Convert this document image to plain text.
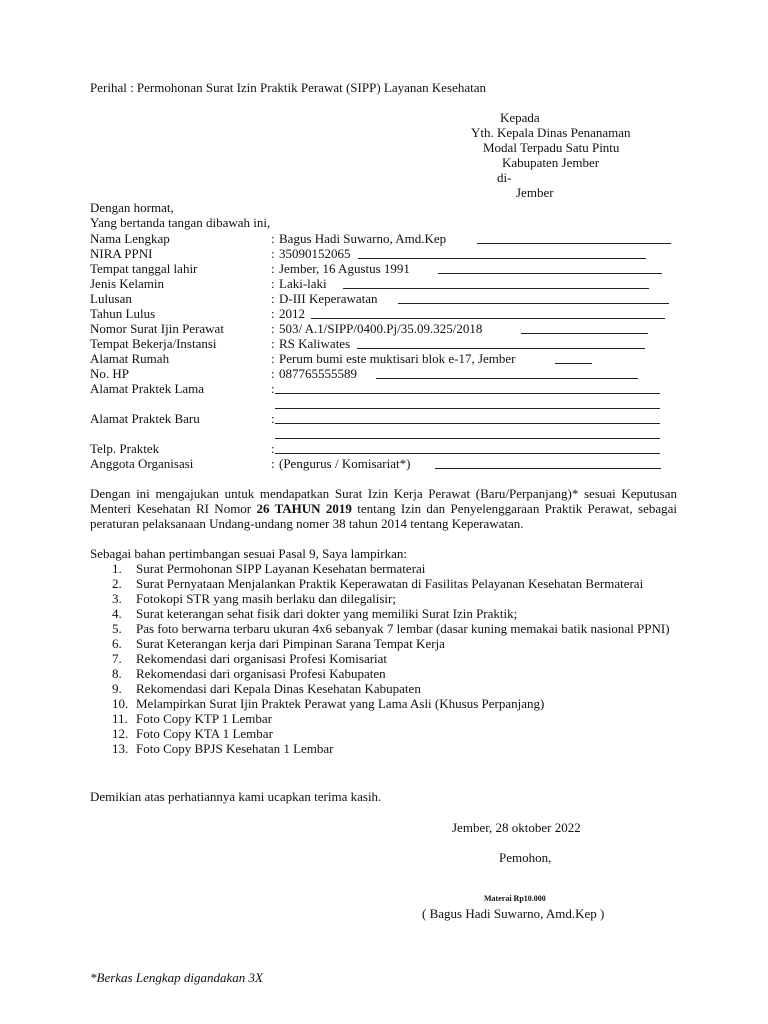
Perihal : Permohonan Surat Izin Praktik Perawat (SIPP) Layanan Kesehatan
Kepada
Yth. Kepala Dinas Penanaman
Modal Terpadu Satu Pintu
Kabupaten Jember
di-
Jember
Dengan hormat,
Yang bertanda tangan dibawah ini,
Nama Lengkap	: Bagus Hadi Suwarno, Amd.Kep
NIRA PPNI	: 35090152065
Tempat tanggal lahir	: Jember, 16 Agustus 1991
Jenis Kelamin	: Laki-laki
Lulusan	: D-III Keperawatan
Tahun Lulus	: 2012
Nomor Surat Ijin Perawat	: 503/ A.1/SIPP/0400.Pj/35.09.325/2018
Tempat Bekerja/Instansi	: RS Kaliwates
Alamat Rumah	: Perum bumi este muktisari blok e-17, Jember
No. HP	: 087765555589
Alamat Praktek Lama	:
Alamat Praktek Baru	:
Telp. Praktek	:
Anggota Organisasi	: (Pengurus / Komisariat*)
Dengan ini mengajukan untuk mendapatkan Surat Izin Kerja Perawat (Baru/Perpanjang)* sesuai Keputusan Menteri Kesehatan RI Nomor 26 TAHUN 2019 tentang Izin dan Penyelenggaraan Praktik Perawat, sebagai peraturan pelaksanaan Undang-undang nomer 38 tahun 2014 tentang Keperawatan.
Sebagai bahan pertimbangan sesuai Pasal 9, Saya lampirkan:
1. Surat Permohonan SIPP Layanan Kesehatan bermaterai
2. Surat Pernyataan Menjalankan Praktik Keperawatan di Fasilitas Pelayanan Kesehatan Bermaterai
3. Fotokopi STR yang masih berlaku dan dilegalisir;
4. Surat keterangan sehat fisik dari dokter yang memiliki Surat Izin Praktik;
5. Pas foto berwarna terbaru ukuran 4x6 sebanyak 7 lembar (dasar kuning memakai batik nasional PPNI)
6. Surat Keterangan kerja dari Pimpinan Sarana Tempat Kerja
7. Rekomendasi dari organisasi Profesi Komisariat
8. Rekomendasi dari organisasi Profesi Kabupaten
9. Rekomendasi dari Kepala Dinas Kesehatan Kabupaten
10. Melampirkan Surat Ijin Praktek Perawat yang Lama Asli (Khusus Perpanjang)
11. Foto Copy KTP 1 Lembar
12. Foto Copy KTA 1 Lembar
13. Foto Copy BPJS Kesehatan 1 Lembar
Demikian atas perhatiannya kami ucapkan terima kasih.
Jember, 28 oktober 2022
Pemohon,
Materai Rp10.000
( Bagus Hadi Suwarno, Amd.Kep )
*Berkas Lengkap digandakan 3X
